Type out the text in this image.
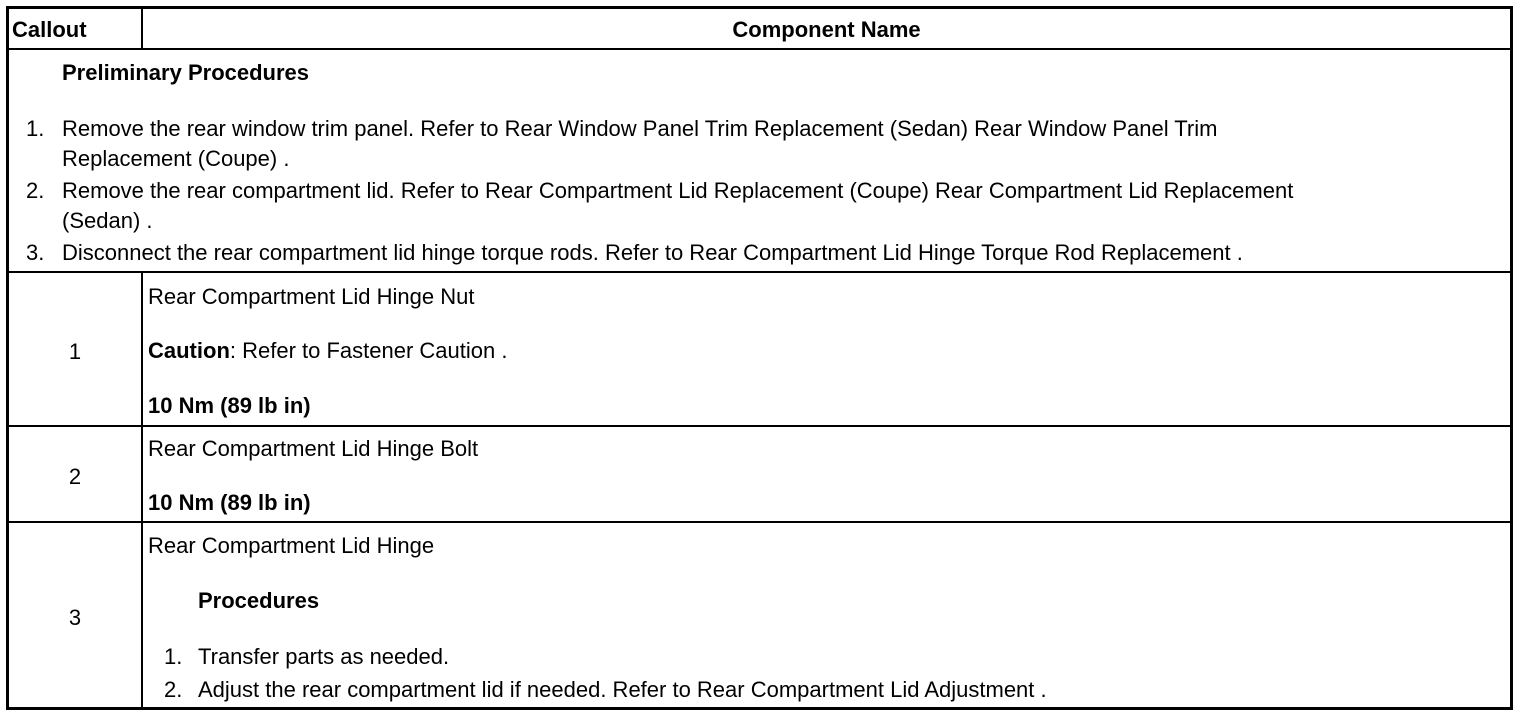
Callout	Component Name
Preliminary Procedures
1. Remove the rear window trim panel. Refer to Rear Window Panel Trim Replacement (Sedan) Rear Window Panel Trim
Replacement (Coupe) .
2. Remove the rear compartment lid. Refer to Rear Compartment Lid Replacement (Coupe) Rear Compartment Lid Replacement
(Sedan) .
3. Disconnect the rear compartment lid hinge torque rods. Refer to Rear Compartment Lid Hinge Torque Rod Replacement .
1
Rear Compartment Lid Hinge Nut
Caution: Refer to Fastener Caution .
10 Nm (89 lb in)
2
Rear Compartment Lid Hinge Bolt
10 Nm (89 lb in)
3
Rear Compartment Lid Hinge
Procedures
1. Transfer parts as needed.
2. Adjust the rear compartment lid if needed. Refer to Rear Compartment Lid Adjustment .
